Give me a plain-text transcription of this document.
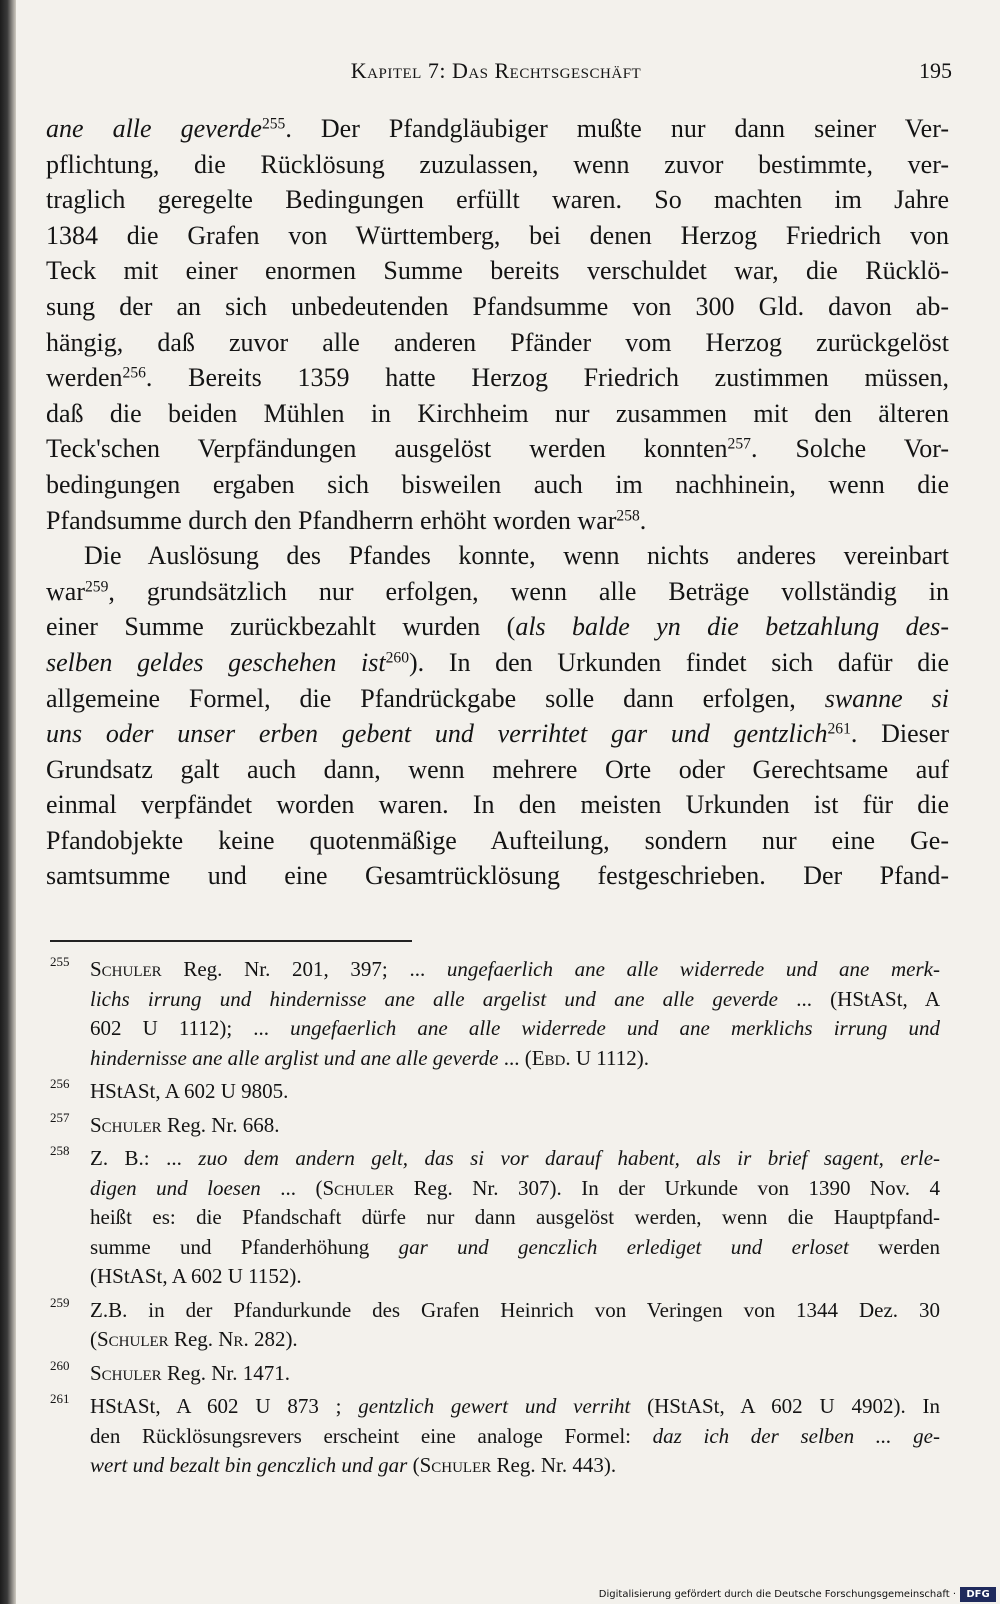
Kapitel 7: Das Rechtsgeschäft	195
ane alle geverde$^{255}$. Der Pfandgläubiger mußte nur dann seiner Ver-
pflichtung, die Rücklösung zuzulassen, wenn zuvor bestimmte, ver-
traglich geregelte Bedingungen erfüllt waren. So machten im Jahre
1384 die Grafen von Württemberg, bei denen Herzog Friedrich von
Teck mit einer enormen Summe bereits verschuldet war, die Rücklö-
sung der an sich unbedeutenden Pfandsumme von 300 Gld. davon ab-
hängig, daß zuvor alle anderen Pfänder vom Herzog zurückgelöst
werden$^{256}$. Bereits 1359 hatte Herzog Friedrich zustimmen müssen,
daß die beiden Mühlen in Kirchheim nur zusammen mit den älteren
Teck'schen Verpfändungen ausgelöst werden konnten$^{257}$. Solche Vor-
bedingungen ergaben sich bisweilen auch im nachhinein, wenn die
Pfandsumme durch den Pfandherrn erhöht worden war$^{258}$.
Die Auslösung des Pfandes konnte, wenn nichts anderes vereinbart
war$^{259}$, grundsätzlich nur erfolgen, wenn alle Beträge vollständig in
einer Summe zurückbezahlt wurden (als balde yn die betzahlung des-
selben geldes geschehen ist$^{260}$). In den Urkunden findet sich dafür die
allgemeine Formel, die Pfandrückgabe solle dann erfolgen, swanne si
uns oder unser erben gebent und verrihtet gar und gentzlich$^{261}$. Dieser
Grundsatz galt auch dann, wenn mehrere Orte oder Gerechtsame auf
einmal verpfändet worden waren. In den meisten Urkunden ist für die
Pfandobjekte keine quotenmäßige Aufteilung, sondern nur eine Ge-
samtsumme und eine Gesamtrücklösung festgeschrieben. Der Pfand-
255 Schuler Reg. Nr. 201, 397; ... ungefaerlich ane alle widerrede und ane merk-
lichs irrung und hindernisse ane alle argelist und ane alle geverde ... (HStASt, A
602 U 1112); ... ungefaerlich ane alle widerrede und ane merklichs irrung und
hindernisse ane alle arglist und ane alle geverde ... (Ebd. U 1112).
256 HStASt, A 602 U 9805.
257 Schuler Reg. Nr. 668.
258 Z. B.: ... zuo dem andern gelt, das si vor darauf habent, als ir brief sagent, erle-
digen und loesen ... (Schuler Reg. Nr. 307). In der Urkunde von 1390 Nov. 4
heißt es: die Pfandschaft dürfe nur dann ausgelöst werden, wenn die Hauptpfand-
summe und Pfanderhöhung gar und genczlich erlediget und erloset werden
(HStASt, A 602 U 1152).
259 Z.B. in der Pfandurkunde des Grafen Heinrich von Veringen von 1344 Dez. 30
(Schuler Reg. Nr. 282).
260 Schuler Reg. Nr. 1471.
261 HStASt, A 602 U 873 ; gentzlich gewert und verriht (HStASt, A 602 U 4902). In
den Rücklösungsrevers erscheint eine analoge Formel: daz ich der selben ... ge-
wert und bezalt bin genczlich und gar (Schuler Reg. Nr. 443).
Digitalisierung gefördert durch die Deutsche Forschungsgemeinschaft ·	DFG
